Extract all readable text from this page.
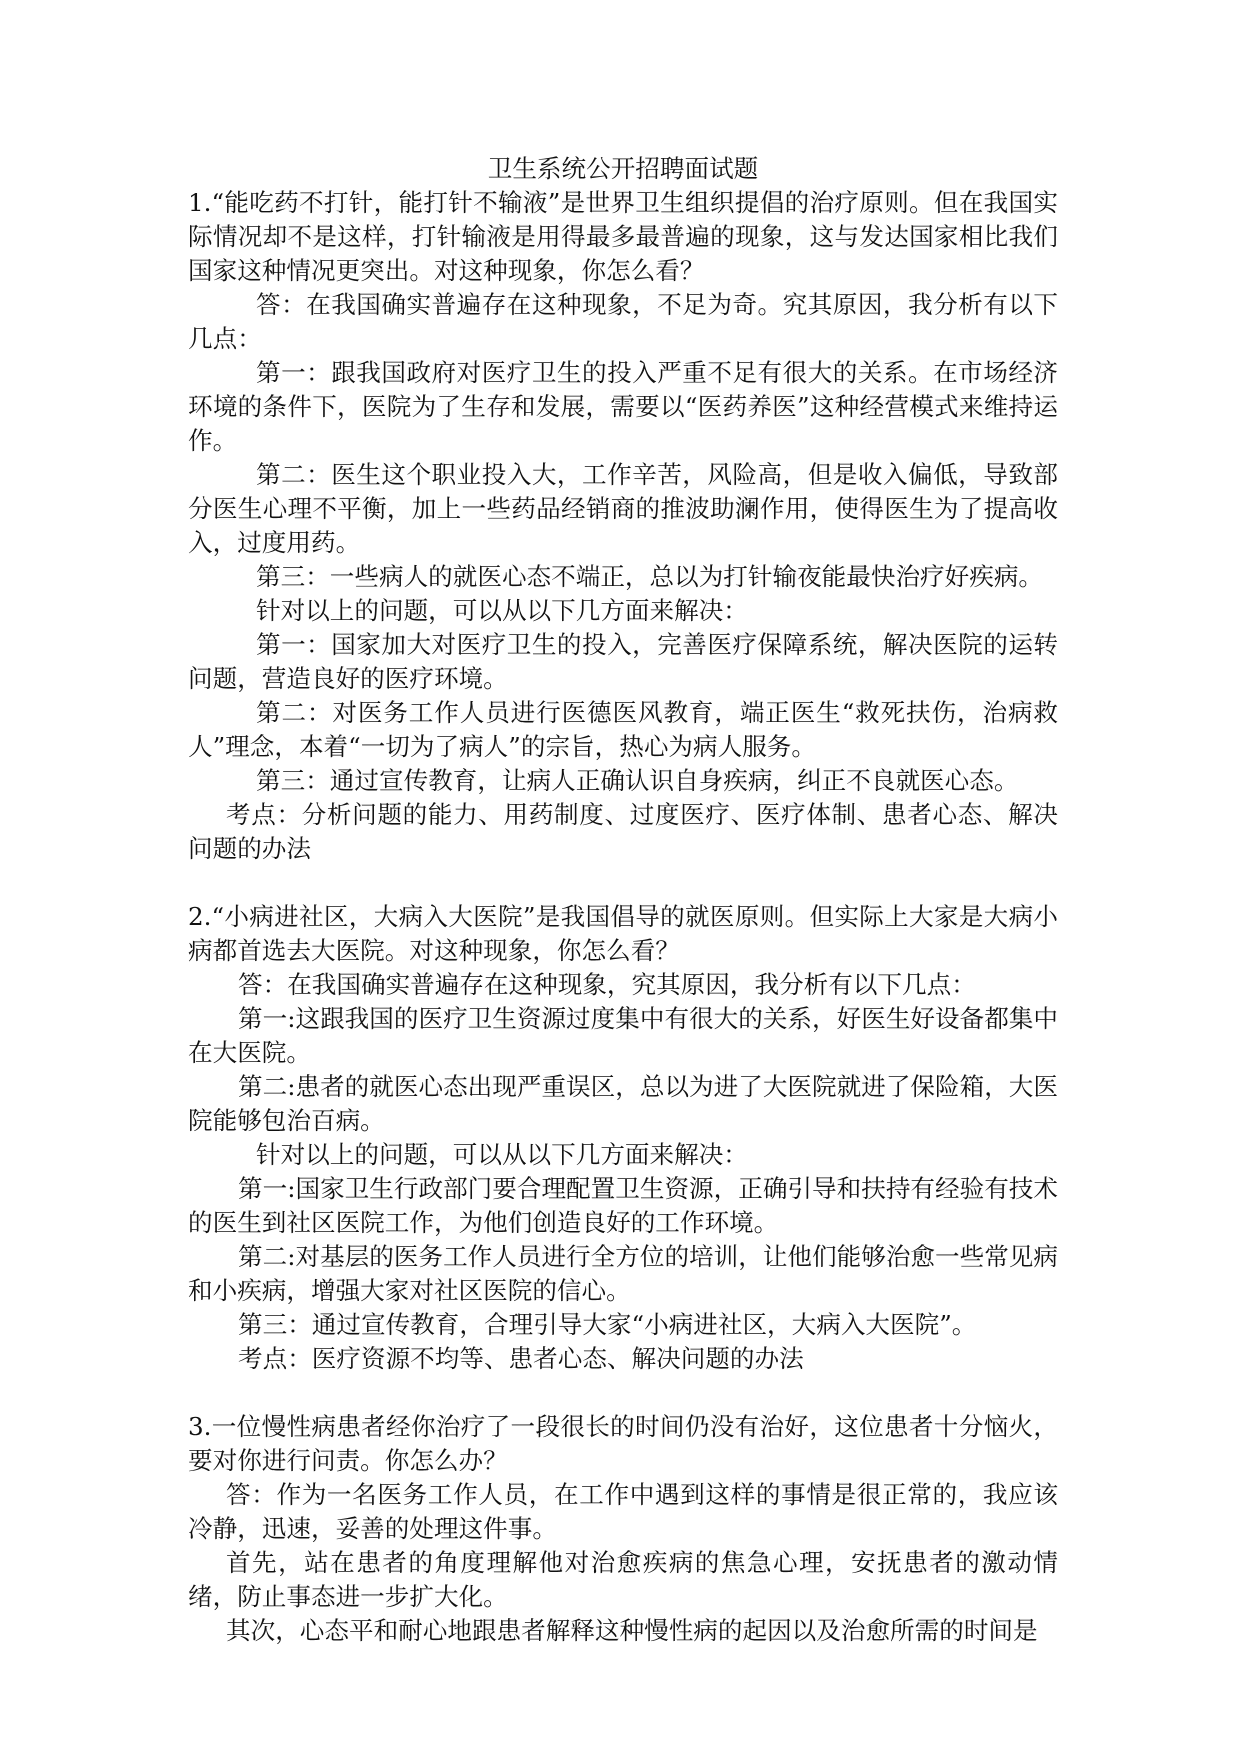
卫生系统公开招聘面试题

1.“能吃药不打针，能打针不输液”是世界卫生组织提倡的治疗原则。但在我国实际情况却不是这样，打针输液是用得最多最普遍的现象，这与发达国家相比我们国家这种情况更突出。对这种现象，你怎么看？

答：在我国确实普遍存在这种现象，不足为奇。究其原因，我分析有以下几点：

第一：跟我国政府对医疗卫生的投入严重不足有很大的关系。在市场经济环境的条件下，医院为了生存和发展，需要以“医药养医”这种经营模式来维持运作。

第二：医生这个职业投入大，工作辛苦，风险高，但是收入偏低，导致部分医生心理不平衡，加上一些药品经销商的推波助澜作用，使得医生为了提高收入，过度用药。

第三：一些病人的就医心态不端正，总以为打针输夜能最快治疗好疾病。

针对以上的问题，可以从以下几方面来解决：

第一：国家加大对医疗卫生的投入，完善医疗保障系统，解决医院的运转问题，营造良好的医疗环境。

第二：对医务工作人员进行医德医风教育，端正医生“救死扶伤，治病救人”理念，本着“一切为了病人”的宗旨，热心为病人服务。

第三：通过宣传教育，让病人正确认识自身疾病，纠正不良就医心态。

考点：分析问题的能力、用药制度、过度医疗、医疗体制、患者心态、解决问题的办法

2.“小病进社区，大病入大医院”是我国倡导的就医原则。但实际上大家是大病小病都首选去大医院。对这种现象，你怎么看？

答：在我国确实普遍存在这种现象，究其原因，我分析有以下几点：

第一:这跟我国的医疗卫生资源过度集中有很大的关系，好医生好设备都集中在大医院。

第二:患者的就医心态出现严重误区，总以为进了大医院就进了保险箱，大医院能够包治百病。

针对以上的问题，可以从以下几方面来解决：

第一:国家卫生行政部门要合理配置卫生资源，正确引导和扶持有经验有技术的医生到社区医院工作，为他们创造良好的工作环境。

第二:对基层的医务工作人员进行全方位的培训，让他们能够治愈一些常见病和小疾病，增强大家对社区医院的信心。

第三：通过宣传教育，合理引导大家“小病进社区，大病入大医院”。

考点：医疗资源不均等、患者心态、解决问题的办法

3.一位慢性病患者经你治疗了一段很长的时间仍没有治好，这位患者十分恼火，要对你进行问责。你怎么办？

答：作为一名医务工作人员，在工作中遇到这样的事情是很正常的，我应该冷静，迅速，妥善的处理这件事。

首先，站在患者的角度理解他对治愈疾病的焦急心理，安抚患者的激动情绪，防止事态进一步扩大化。

其次，心态平和耐心地跟患者解释这种慢性病的起因以及治愈所需的时间是
